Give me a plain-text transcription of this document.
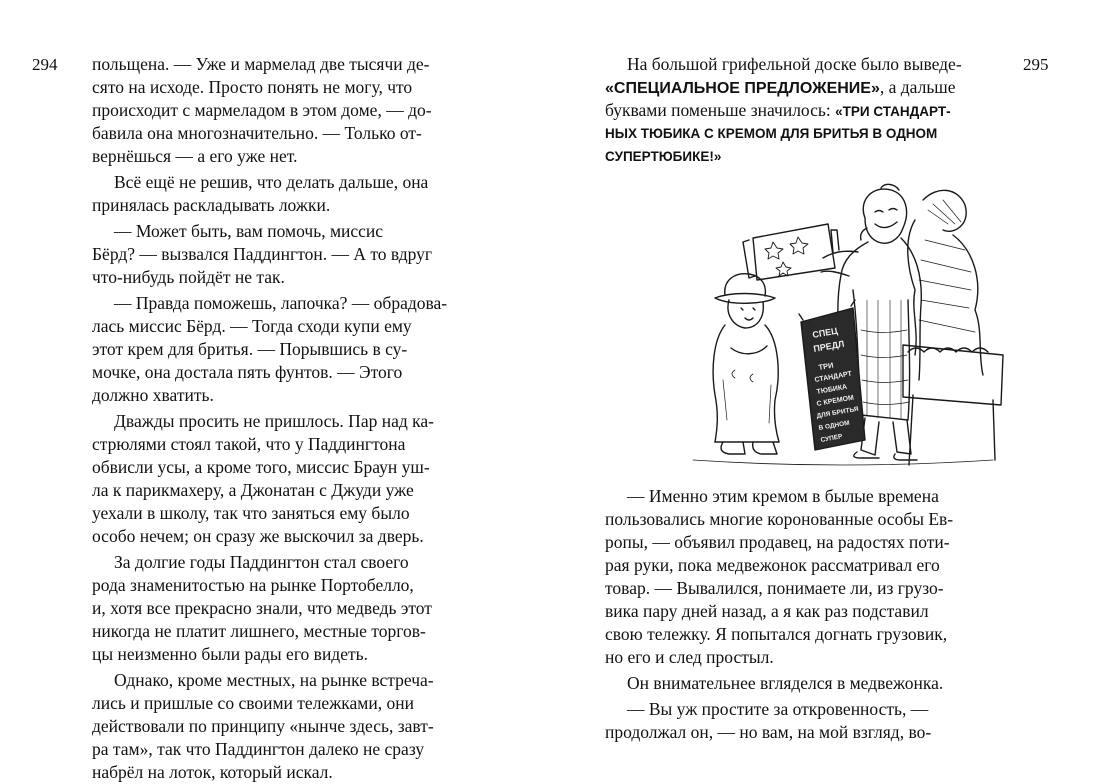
294 польщена. — Уже и мармелад две тысячи де-
сято на исходе. Просто понять не могу, что
происходит с мармеладом в этом доме, — до-
бавила она многозначительно. — Только от-
вернёшься — а его уже нет.
Всё ещё не решив, что делать дальше, она
принялась раскладывать ложки.
— Может быть, вам помочь, миссис
Бёрд? — вызвался Паддингтон. — А то вдруг
что-нибудь пойдёт не так.
— Правда поможешь, лапочка? — обрадова-
лась миссис Бёрд. — Тогда сходи купи ему
этот крем для бритья. — Порывшись в су-
мочке, она достала пять фунтов. — Этого
должно хватить.
Дважды просить не пришлось. Пар над ка-
стрюлями стоял такой, что у Паддингтона
обвисли усы, а кроме того, миссис Браун уш-
ла к парикмахеру, а Джонатан с Джуди уже
уехали в школу, так что заняться ему было
особо нечем; он сразу же выскочил за дверь.
За долгие годы Паддингтон стал своего
рода знаменитостью на рынке Портобелло,
и, хотя все прекрасно знали, что медведь этот
никогда не платит лишнего, местные торгов-
цы неизменно были рады его видеть.
Однако, кроме местных, на рынке встреча-
лись и пришлые со своими тележками, они
действовали по принципу «нынче здесь, завт-
ра там», так что Паддингтон далеко не сразу
набрёл на лоток, который искал.
295
На большой грифельной доске было выведе-
«СПЕЦИАЛЬНОЕ ПРЕДЛОЖЕНИЕ», а дальше
буквами поменьше значилось: «ТРИ СТАНДАРТ-
НЫХ ТЮБИКА С КРЕМОМ ДЛЯ БРИТЬЯ В ОДНОМ
СУПЕРТЮБИКЕ!»
СПЕЦ
ПРЕДЛ
ТРИ
СТАНДАРТ
ТЮБИКА
С КРЕМОМ
ДЛЯ БРИТЬЯ
В ОДНОМ
СУПЕР
— Именно этим кремом в былые времена
пользовались многие коронованные особы Ев-
ропы, — объявил продавец, на радостях поти-
рая руки, пока медвежонок рассматривал его
товар. — Вывалился, понимаете ли, из грузо-
вика пару дней назад, а я как раз подставил
свою тележку. Я попытался догнать грузовик,
но его и след простыл.
Он внимательнее вгляделся в медвежонка.
— Вы уж простите за откровенность, —
продолжал он, — но вам, на мой взгляд, во-
